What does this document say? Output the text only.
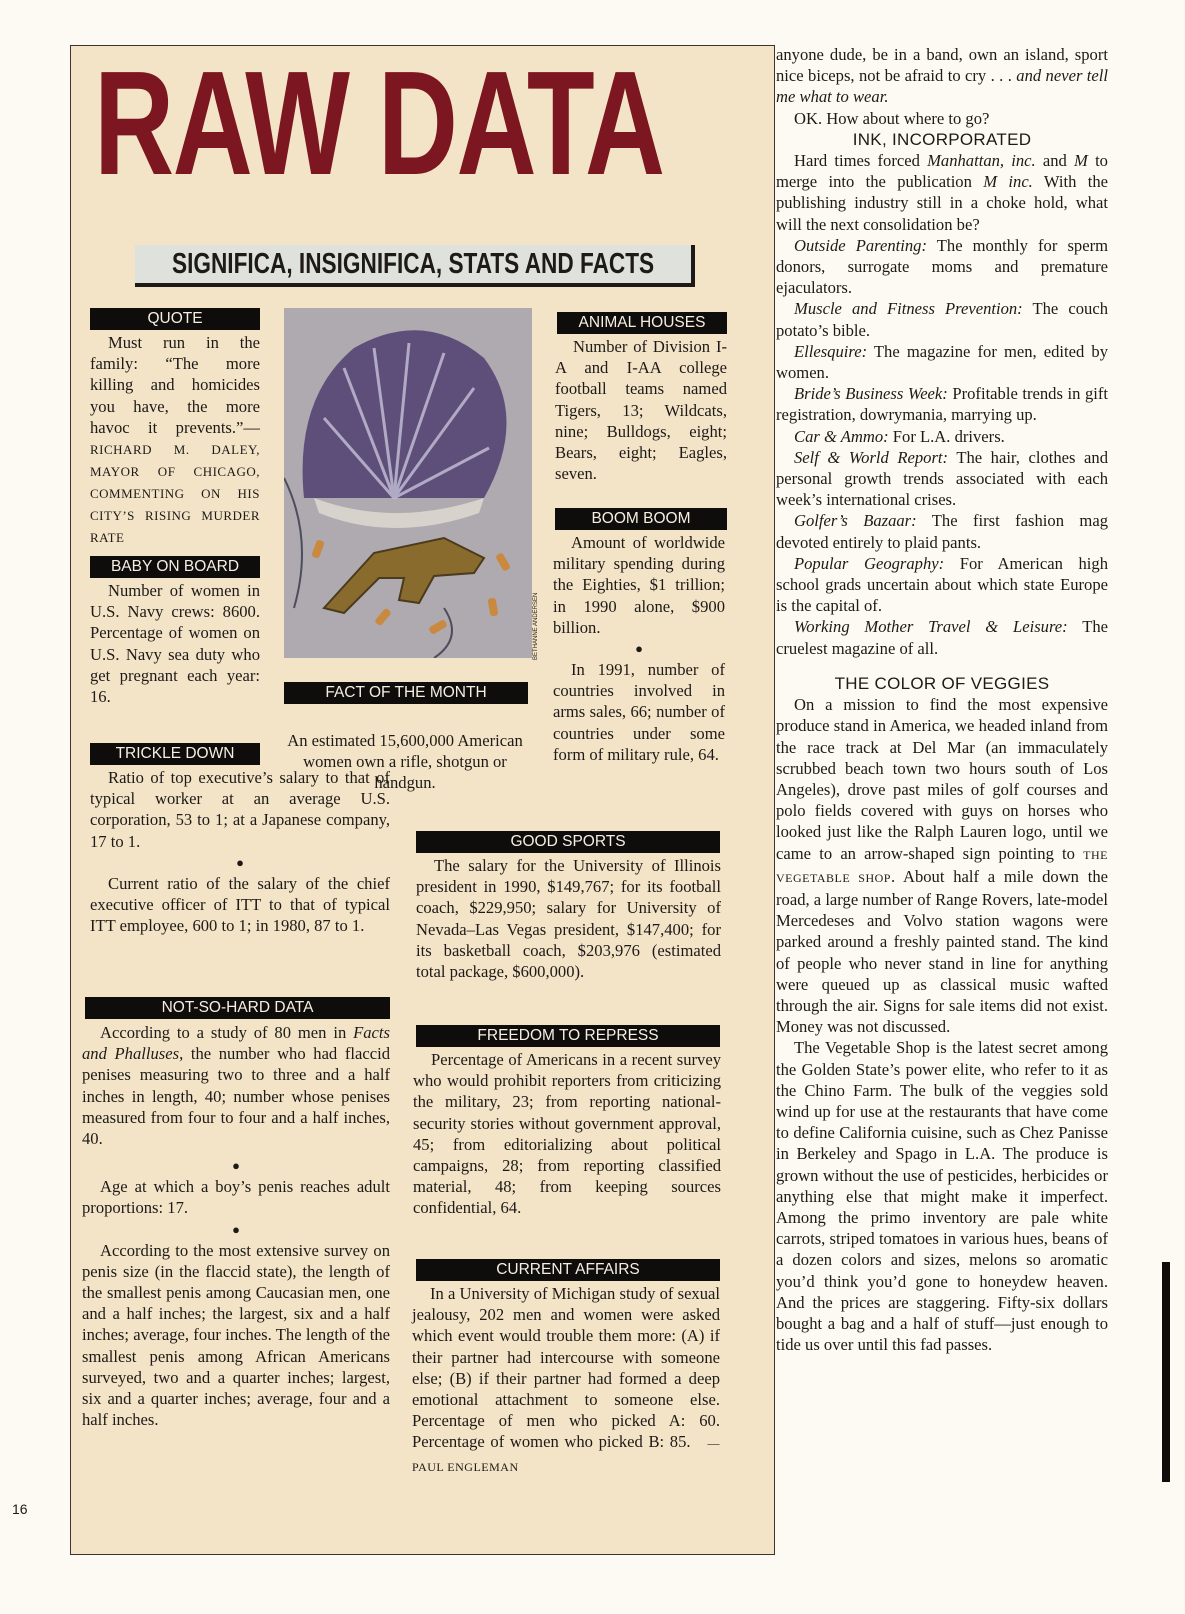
RAW DATA
SIGNIFICA, INSIGNIFICA, STATS AND FACTS
QUOTE

Must run in the family: “The more killing and homicides you have, the more havoc it prevents.”—RICHARD M. DALEY, MAYOR OF CHICAGO, COMMENTING ON HIS CITY’S RISING MURDER RATE

BABY ON BOARD

Number of women in U.S. Navy crews: 8600. Percentage of women on U.S. Navy sea duty who get pregnant each year: 16.

TRICKLE DOWN

Ratio of top executive’s salary to that of typical worker at an average U.S. corporation, 53 to 1; at a Japanese company, 17 to 1.

●

Current ratio of the salary of the chief executive officer of ITT to that of typical ITT employee, 600 to 1; in 1980, 87 to 1.

NOT-SO-HARD DATA

According to a study of 80 men in Facts and Phalluses, the number who had flaccid penises measuring two to three and a half inches in length, 40; number whose penises measured from four to four and a half inches, 40.

●

Age at which a boy’s penis reaches adult proportions: 17.

●

According to the most extensive survey on penis size (in the flaccid state), the length of the smallest penis among Caucasian men, one and a half inches; the largest, six and a half inches; average, four inches. The length of the smallest penis among African Americans surveyed, two and a quarter inches; largest, six and a quarter inches; average, four and a half inches.

BETHANNE ANDERSEN
FACT OF THE MONTH

An estimated 15,600,000 American women own a rifle, shotgun or handgun.

ANIMAL HOUSES

Number of Division I-A and I-AA college football teams named Tigers, 13; Wildcats, nine; Bulldogs, eight; Bears, eight; Eagles, seven.

BOOM BOOM

Amount of worldwide military spending during the Eighties, $1 trillion; in 1990 alone, $900 billion.

●

In 1991, number of countries involved in arms sales, 66; number of countries under some form of military rule, 64.

GOOD SPORTS

The salary for the University of Illinois president in 1990, $149,767; for its football coach, $229,950; salary for University of Nevada–Las Vegas president, $147,400; for its basketball coach, $203,976 (estimated total package, $600,000).

FREEDOM TO REPRESS

Percentage of Americans in a recent survey who would prohibit reporters from criticizing the military, 23; from reporting national-security stories without government approval, 45; from editorializing about political campaigns, 28; from reporting classified material, 48; from keeping sources confidential, 64.

CURRENT AFFAIRS

In a University of Michigan study of sexual jealousy, 202 men and women were asked which event would trouble them more: (A) if their partner had intercourse with someone else; (B) if their partner had formed a deep emotional attachment to someone else. Percentage of men who picked A: 60. Percentage of women who picked B: 85. —PAUL ENGLEMAN

anyone dude, be in a band, own an island, sport nice biceps, not be afraid to cry . . . and never tell me what to wear.

OK. How about where to go?

INK, INCORPORATED

Hard times forced Manhattan, inc. and M to merge into the publication M inc. With the publishing industry still in a choke hold, what will the next consolidation be?

Outside Parenting: The monthly for sperm donors, surrogate moms and premature ejaculators.

Muscle and Fitness Prevention: The couch potato’s bible.

Ellesquire: The magazine for men, edited by women.

Bride’s Business Week: Profitable trends in gift registration, dowrymania, marrying up.

Car & Ammo: For L.A. drivers.

Self & World Report: The hair, clothes and personal growth trends associated with each week’s international crises.

Golfer’s Bazaar: The first fashion mag devoted entirely to plaid pants.

Popular Geography: For American high school grads uncertain about which state Europe is the capital of.

Working Mother Travel & Leisure: The cruelest magazine of all.

THE COLOR OF VEGGIES

On a mission to find the most expensive produce stand in America, we headed inland from the race track at Del Mar (an immaculately scrubbed beach town two hours south of Los Angeles), drove past miles of golf courses and polo fields covered with guys on horses who looked just like the Ralph Lauren logo, until we came to an arrow-shaped sign pointing to THE VEGETABLE SHOP. About half a mile down the road, a large number of Range Rovers, late-model Mercedeses and Volvo station wagons were parked around a freshly painted stand. The kind of people who never stand in line for anything were queued up as classical music wafted through the air. Signs for sale items did not exist. Money was not discussed.

The Vegetable Shop is the latest secret among the Golden State’s power elite, who refer to it as the Chino Farm. The bulk of the veggies sold wind up for use at the restaurants that have come to define California cuisine, such as Chez Panisse in Berkeley and Spago in L.A. The produce is grown without the use of pesticides, herbicides or anything else that might make it imperfect. Among the primo inventory are pale white carrots, striped tomatoes in various hues, beans of a dozen colors and sizes, melons so aromatic you’d think you’d gone to honeydew heaven. And the prices are staggering. Fifty-six dollars bought a bag and a half of stuff—just enough to tide us over until this fad passes.

16
